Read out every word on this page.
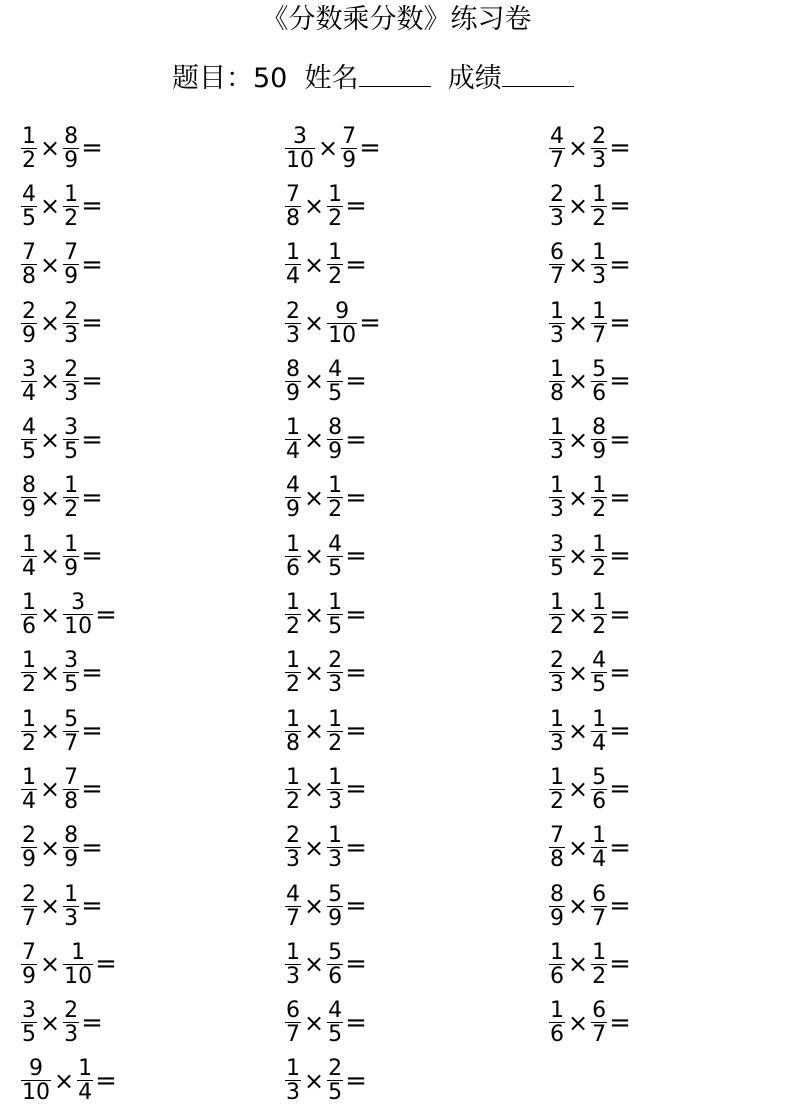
《分数乘分数》练习卷
题目：50 姓名	成绩
$\frac{1}{2} \times \frac{8}{9}$ =
$\frac{4}{5} \times \frac{1}{2}$ =
$\frac{7}{8} \times \frac{7}{9}$ =
$\frac{2}{9} \times \frac{2}{3}$ =
$\frac{3}{4} \times \frac{2}{3}$ =
$\frac{4}{5} \times \frac{3}{5}$ =
$\frac{8}{9} \times \frac{1}{2}$ =
$\frac{1}{4} \times \frac{1}{9}$ =
$\frac{1}{6} \times \frac{3}{10}$ =
$\frac{1}{2} \times \frac{3}{5}$ =
$\frac{1}{2} \times \frac{5}{7}$ =
$\frac{1}{4} \times \frac{7}{8}$ =
$\frac{2}{9} \times \frac{8}{9}$ =
$\frac{2}{7} \times \frac{1}{3}$ =
$\frac{7}{9} \times \frac{1}{10}$ =
$\frac{3}{5} \times \frac{2}{3}$ =
$\frac{9}{10} \times \frac{1}{4}$ =
$\frac{3}{10} \times \frac{7}{9}$ =
$\frac{7}{8} \times \frac{1}{2}$ =
$\frac{1}{4} \times \frac{1}{2}$ =
$\frac{2}{3} \times \frac{9}{10}$ =
$\frac{8}{9} \times \frac{4}{5}$ =
$\frac{1}{4} \times \frac{8}{9}$ =
$\frac{4}{9} \times \frac{1}{2}$ =
$\frac{1}{6} \times \frac{4}{5}$ =
$\frac{1}{2} \times \frac{1}{5}$ =
$\frac{1}{2} \times \frac{2}{3}$ =
$\frac{1}{8} \times \frac{1}{2}$ =
$\frac{1}{2} \times \frac{1}{3}$ =
$\frac{2}{3} \times \frac{1}{3}$ =
$\frac{4}{7} \times \frac{5}{9}$ =
$\frac{1}{3} \times \frac{5}{6}$ =
$\frac{6}{7} \times \frac{4}{5}$ =
$\frac{1}{3} \times \frac{2}{5}$ =
$\frac{4}{7} \times \frac{2}{3}$ =
$\frac{2}{3} \times \frac{1}{2}$ =
$\frac{6}{7} \times \frac{1}{3}$ =
$\frac{1}{3} \times \frac{1}{7}$ =
$\frac{1}{8} \times \frac{5}{6}$ =
$\frac{1}{3} \times \frac{8}{9}$ =
$\frac{1}{3} \times \frac{1}{2}$ =
$\frac{3}{5} \times \frac{1}{2}$ =
$\frac{1}{2} \times \frac{1}{2}$ =
$\frac{2}{3} \times \frac{4}{5}$ =
$\frac{1}{3} \times \frac{1}{4}$ =
$\frac{1}{2} \times \frac{5}{6}$ =
$\frac{7}{8} \times \frac{1}{4}$ =
$\frac{8}{9} \times \frac{6}{7}$ =
$\frac{1}{6} \times \frac{1}{2}$ =
$\frac{1}{6} \times \frac{6}{7}$ =
